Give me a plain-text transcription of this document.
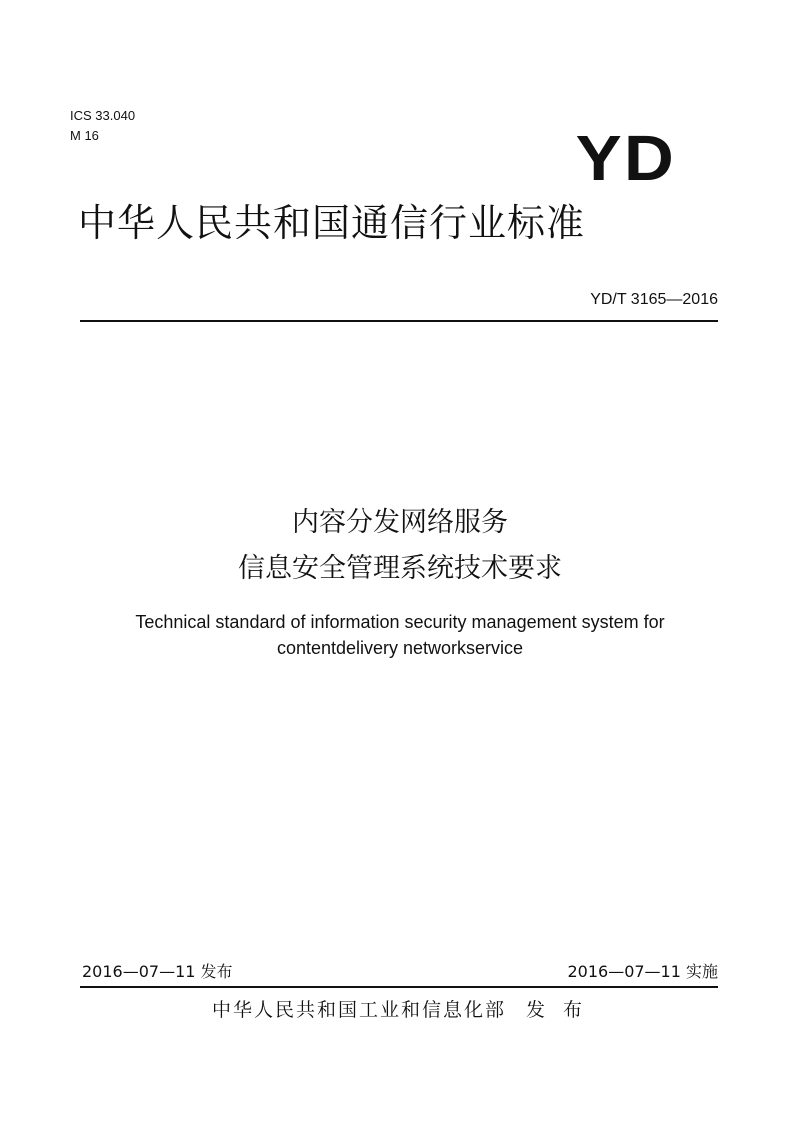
ICS 33.040
M 16	YD
中华人民共和国通信行业标准
YD/T 3165—2016
内容分发网络服务
信息安全管理系统技术要求
Technical standard of information security management system for
contentdelivery networkservice
2016—07—11 发布	2016—07—11 实施
中华人民共和国工业和信息化部 发 布
